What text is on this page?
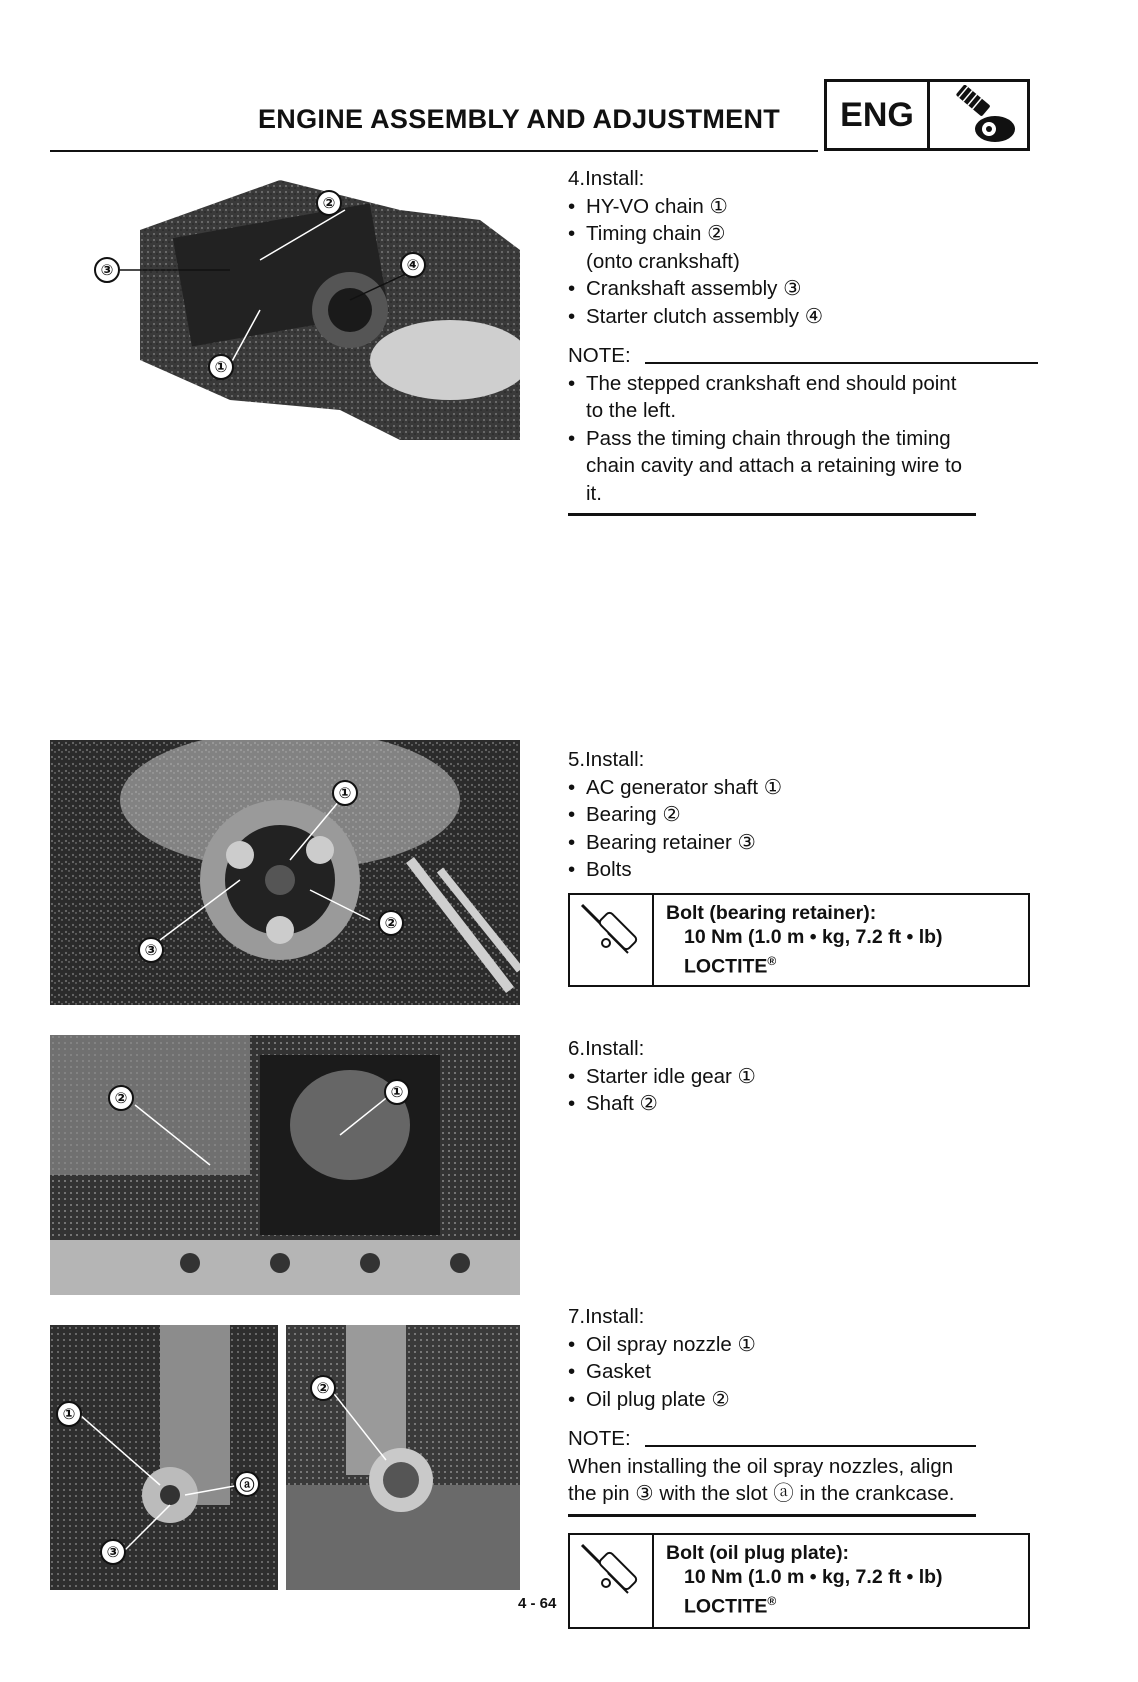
ENGINE ASSEMBLY AND ADJUSTMENT	ENG
③
②
④
①
4.Install:
• HY-VO chain ①
• Timing chain ②
(onto crankshaft)
• Crankshaft assembly ③
• Starter clutch assembly ④
NOTE:
• The stepped crankshaft end should point to the left.
• Pass the timing chain through the timing chain cavity and attach a retaining wire to it.
①
②
③
5.Install:
• AC generator shaft ①
• Bearing ②
• Bearing retainer ③
• Bolts
Bolt (bearing retainer):
10 Nm (1.0 m • kg, 7.2 ft • lb)
LOCTITE®
②	①
6.Install:
• Starter idle gear ①
• Shaft ②
①
③
ⓐ
②
7.Install:
• Oil spray nozzle ①
• Gasket
• Oil plug plate ②
NOTE:
When installing the oil spray nozzles, align the pin ③ with the slot ⓐ in the crankcase.
Bolt (oil plug plate):
10 Nm (1.0 m • kg, 7.2 ft • lb)
LOCTITE®
4 - 64
